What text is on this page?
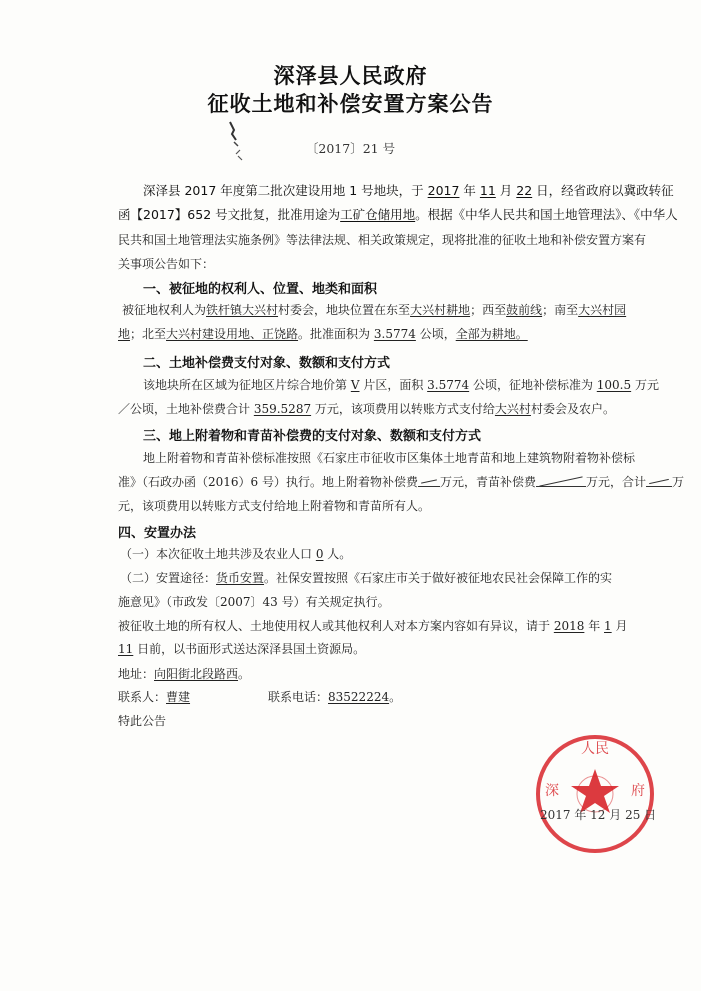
深泽县人民政府
征收土地和补偿安置方案公告
〔2017〕21 号
深泽县 2017 年度第二批次建设用地 1 号地块，于 2017 年 11 月 22 日，经省政府以冀政转征
函【2017】652 号文批复，批准用途为工矿仓储用地。根据《中华人民共和国土地管理法》、《中华人
民共和国土地管理法实施条例》等法律法规、相关政策规定，现将批准的征收土地和补偿安置方案有
关事项公告如下：
一、被征地的权利人、位置、地类和面积
被征地权利人为铁杆镇大兴村村委会，地块位置在东至大兴村耕地；西至鼓前线；南至大兴村园
地；北至大兴村建设用地、正饶路。批准面积为 3.5774 公顷，全部为耕地。
二、土地补偿费支付对象、数额和支付方式
该地块所在区域为征地区片综合地价第 V 片区，面积 3.5774 公顷，征地补偿标准为 100.5 万元
／公顷，土地补偿费合计 359.5287 万元，该项费用以转账方式支付给大兴村村委会及农户。
三、地上附着物和青苗补偿费的支付对象、数额和支付方式
地上附着物和青苗补偿标准按照《石家庄市征收市区集体土地青苗和地上建筑物附着物补偿标
准》（石政办函（2016）6 号）执行。地上附着物补偿费 万元，青苗补偿费	万元，合计 万
元，该项费用以转账方式支付给地上附着物和青苗所有人。
四、安置办法
（一）本次征收土地共涉及农业人口 0 人。
（二）安置途径：货币安置。社保安置按照《石家庄市关于做好被征地农民社会保障工作的实
施意见》（市政发〔2007〕43 号）有关规定执行。
被征收土地的所有权人、土地使用权人或其他权利人对本方案内容如有异议，请于 2018 年 1 月
11 日前，以书面形式送达深泽县国土资源局。
地址：向阳街北段路西。
联系人：曹建	联系电话：83522224。
特此公告
人民
深	府
2017 年 12 月 25 日
